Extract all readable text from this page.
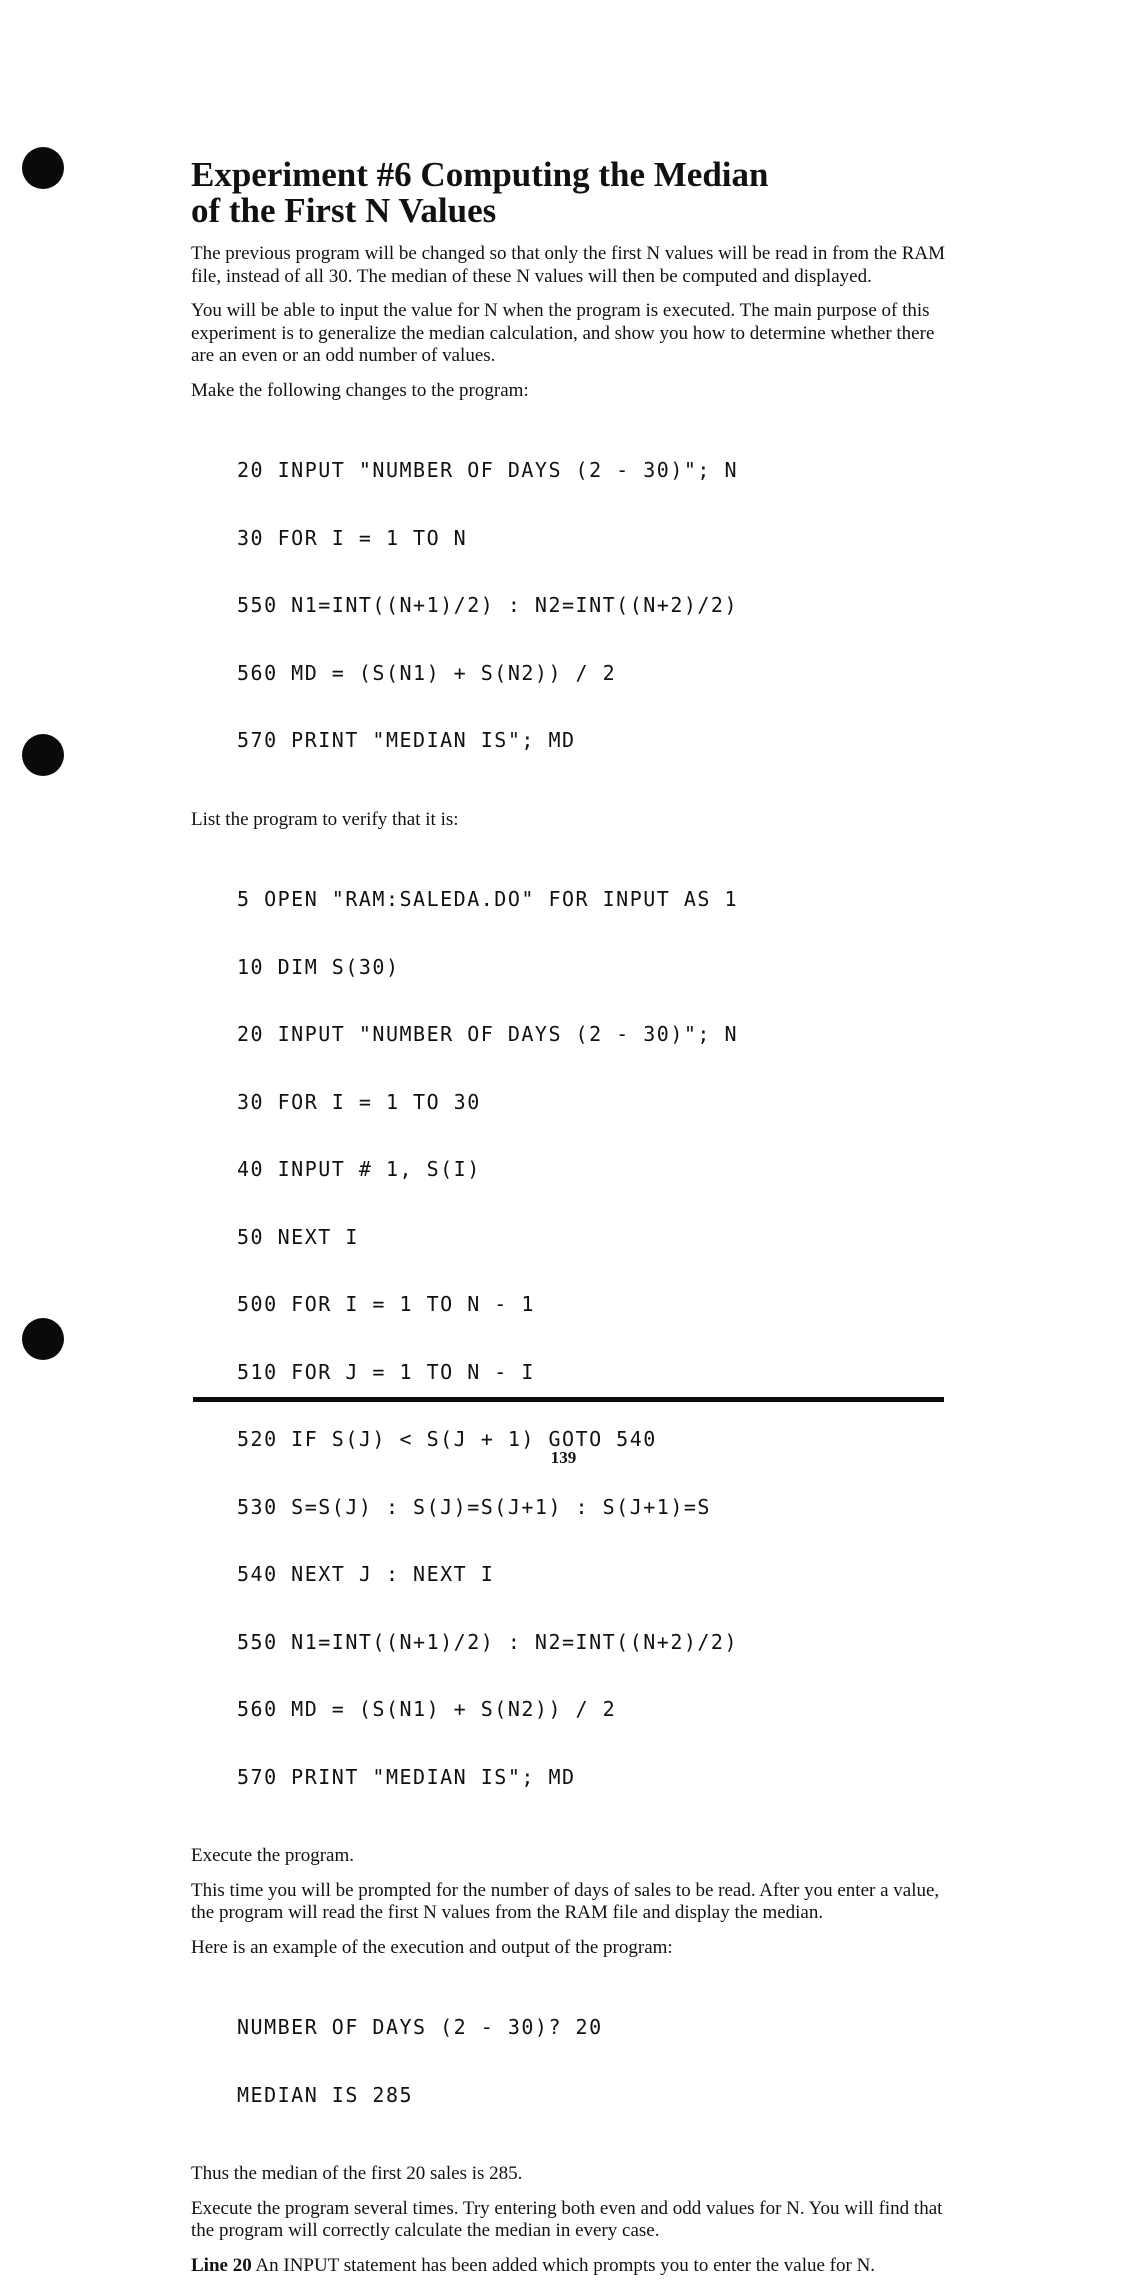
Experiment #6 Computing the Median
of the First N Values

The previous program will be changed so that only the first N values will be read in from the RAM file, instead of all 30. The median of these N values will then be computed and displayed.

You will be able to input the value for N when the program is executed. The main purpose of this experiment is to generalize the median calculation, and show you how to determine whether there are an even or an odd number of values.

Make the following changes to the program:

20 INPUT "NUMBER OF DAYS (2 - 30)"; N

30 FOR I = 1 TO N

550 N1=INT((N+1)/2) : N2=INT((N+2)/2)

560 MD = (S(N1) + S(N2)) / 2

570 PRINT "MEDIAN IS"; MD

List the program to verify that it is:

5 OPEN "RAM:SALEDA.DO" FOR INPUT AS 1

10 DIM S(30)

20 INPUT "NUMBER OF DAYS (2 - 30)"; N

30 FOR I = 1 TO 30

40 INPUT # 1, S(I)

50 NEXT I

500 FOR I = 1 TO N - 1

510 FOR J = 1 TO N - I

520 IF S(J) < S(J + 1) GOTO 540

530 S=S(J) : S(J)=S(J+1) : S(J+1)=S

540 NEXT J : NEXT I

550 N1=INT((N+1)/2) : N2=INT((N+2)/2)

560 MD = (S(N1) + S(N2)) / 2

570 PRINT "MEDIAN IS"; MD

Execute the program.

This time you will be prompted for the number of days of sales to be read. After you enter a value, the program will read the first N values from the RAM file and display the median.

Here is an example of the execution and output of the program:

NUMBER OF DAYS (2 - 30)? 20

MEDIAN IS 285

Thus the median of the first 20 sales is 285.

Execute the program several times. Try entering both even and odd values for N. You will find that the program will correctly calculate the median in every case.

Line 20 An INPUT statement has been added which prompts you to enter the value for N.

139
